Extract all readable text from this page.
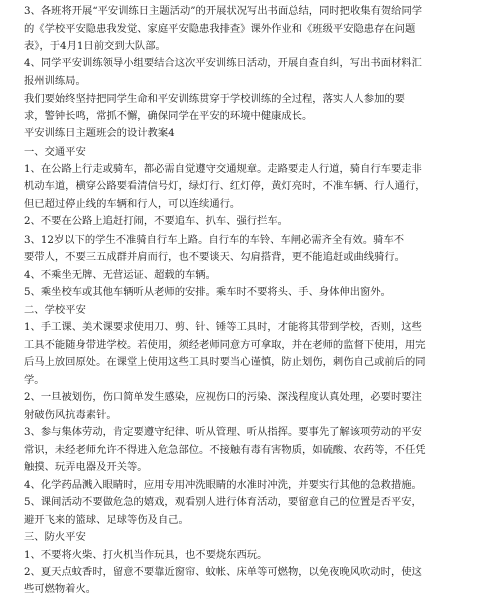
3、各班将开展“平安训练日主题活动”的开展状况写出书面总结，同时把收集有贺给同学

的《学校平安隐患我发觉、家庭平安隐患我排查》课外作业和《班级平安隐患存在问题

表》，于4月1日前交到大队部。

4、同学平安训练领导小组要结合这次平安训练日活动，开展自查自纠，写出书面材料汇

报州训练局。

我们要始终坚持把同学生命和平安训练贯穿于学校训练的全过程，落实人人参加的要

求，警钟长鸣，常抓不懈，确保同学在平安的环境中健康成长。

平安训练日主题班会的设计教案4

一、交通平安

1、在公路上行走或骑车，都必需自觉遵守交通规章。走路要走人行道，骑自行车要走非

机动车道，横穿公路要看清信号灯，绿灯行、红灯停，黄灯亮时，不准车辆、行人通行，

但已超过停止线的车辆和行人，可以连续通行。

2、不要在公路上追赶打闹，不要追车、扒车、强行拦车。

3、12岁以下的学生不准骑自行车上路。自行车的车铃、车闸必需齐全有效。骑车不

要带人，不要三五成群并肩而行，也不要谈天、勾肩搭背，更不能追赶或曲线骑行。

4、不乘坐无牌、无营运证、超载的车辆。

5、乘坐校车或其他车辆听从老师的安排。乘车时不要将头、手、身体伸出窗外。

二、学校平安

1、手工课、美术课要求使用刀、剪、针、锤等工具时，才能将其带到学校，否则，这些

工具不能随身带进学校。若使用，须经老师同意方可拿取，并在老师的监督下使用，用完

后马上放回原处。在课堂上使用这些工具时要当心谨慎，防止划伤，刺伤自己或前后的同

学。

2、一旦被划伤，伤口简单发生感染，应视伤口的污染、深浅程度认真处理，必要时要注

射破伤风抗毒素针。

3、参与集体劳动，肯定要遵守纪律、听从管理、听从指挥。要事先了解该项劳动的平安

常识，未经老师允许不得进入危急部位。不接触有毒有害物质，如硫酸、农药等，不任凭

触摸、玩弄电器及开关等。

4、化学药品溅入眼睛时，应用专用冲洗眼睛的水准时冲洗，并要实行其他的急救措施。

5、课间活动不要做危急的嬉戏，观看别人进行体育活动，要留意自己的位置是否平安，

避开飞来的篮球、足球等伤及自己。

三、防火平安

1、不要将火柴、打火机当作玩具，也不要烧东西玩。

2、夏天点蚊香时，留意不要靠近窗帘、蚊帐、床单等可燃物，以免夜晚风吹动时，使这

些可燃物着火。
